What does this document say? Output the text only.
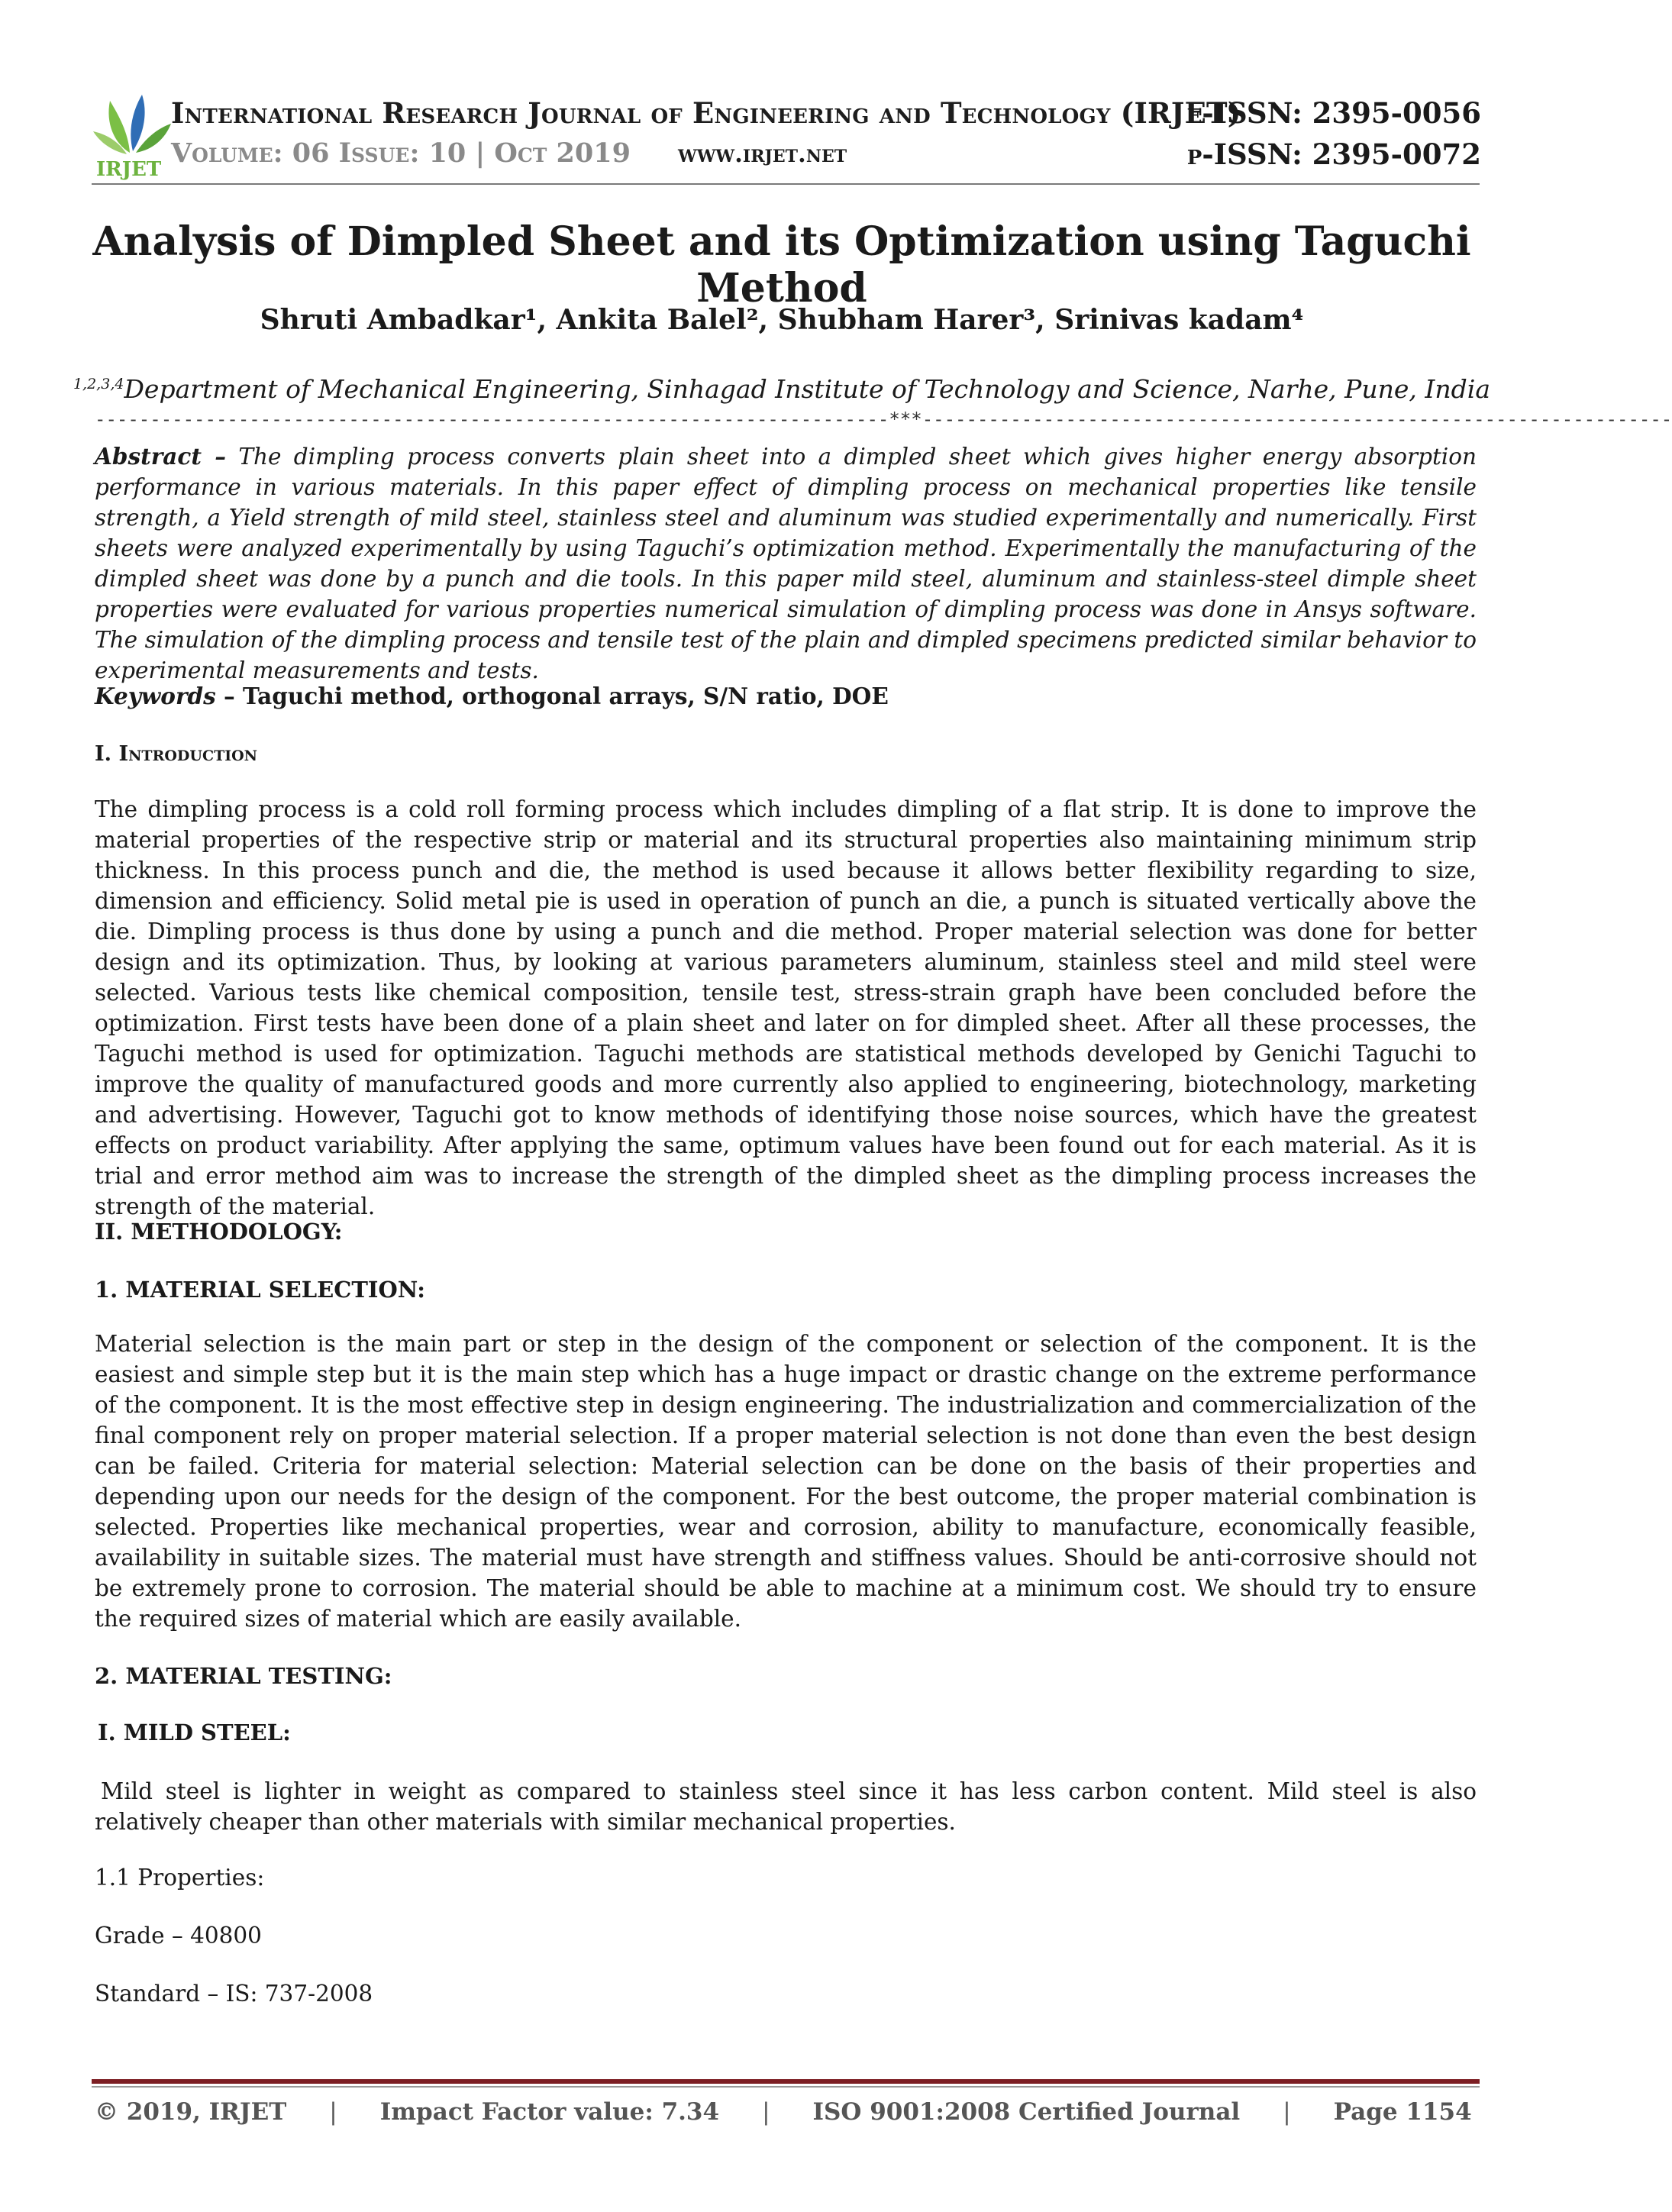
IRJET
International Research Journal of Engineering and Technology (IRJET)
Volume: 06 Issue: 10 | Oct 2019 www.irjet.net
e-ISSN: 2395-0056
p-ISSN: 2395-0072
Analysis of Dimpled Sheet and its Optimization using Taguchi Method
Shruti Ambadkar¹, Ankita Balel², Shubham Harer³, Srinivas kadam⁴
$^{1,2,3,4}$Department of Mechanical Engineering, Sinhagad Institute of Technology and Science, Narhe, Pune, India
------------------------------------------------------------------------***--------------------------------------------------------------------

Abstract – The dimpling process converts plain sheet into a dimpled sheet which gives higher energy absorption performance in various materials. In this paper effect of dimpling process on mechanical properties like tensile strength, a Yield strength of mild steel, stainless steel and aluminum was studied experimentally and numerically. First sheets were analyzed experimentally by using Taguchi’s optimization method. Experimentally the manufacturing of the dimpled sheet was done by a punch and die tools. In this paper mild steel, aluminum and stainless-steel dimple sheet properties were evaluated for various properties numerical simulation of dimpling process was done in Ansys software. The simulation of the dimpling process and tensile test of the plain and dimpled specimens predicted similar behavior to experimental measurements and tests.

Keywords – Taguchi method, orthogonal arrays, S/N ratio, DOE
I. Introduction

The dimpling process is a cold roll forming process which includes dimpling of a flat strip. It is done to improve the material properties of the respective strip or material and its structural properties also maintaining minimum strip thickness. In this process punch and die, the method is used because it allows better flexibility regarding to size, dimension and efficiency. Solid metal pie is used in operation of punch an die, a punch is situated vertically above the die. Dimpling process is thus done by using a punch and die method. Proper material selection was done for better design and its optimization. Thus, by looking at various parameters aluminum, stainless steel and mild steel were selected. Various tests like chemical composition, tensile test, stress-strain graph have been concluded before the optimization. First tests have been done of a plain sheet and later on for dimpled sheet. After all these processes, the Taguchi method is used for optimization. Taguchi methods are statistical methods developed by Genichi Taguchi to improve the quality of manufactured goods and more currently also applied to engineering, biotechnology, marketing and advertising. However, Taguchi got to know methods of identifying those noise sources, which have the greatest effects on product variability. After applying the same, optimum values have been found out for each material. As it is trial and error method aim was to increase the strength of the dimpled sheet as the dimpling process increases the strength of the material.

II. METHODOLOGY:
1. MATERIAL SELECTION:

Material selection is the main part or step in the design of the component or selection of the component. It is the easiest and simple step but it is the main step which has a huge impact or drastic change on the extreme performance of the component. It is the most effective step in design engineering. The industrialization and commercialization of the final component rely on proper material selection. If a proper material selection is not done than even the best design can be failed. Criteria for material selection: Material selection can be done on the basis of their properties and depending upon our needs for the design of the component. For the best outcome, the proper material combination is selected. Properties like mechanical properties, wear and corrosion, ability to manufacture, economically feasible, availability in suitable sizes. The material must have strength and stiffness values. Should be anti-corrosive should not be extremely prone to corrosion. The material should be able to machine at a minimum cost. We should try to ensure the required sizes of material which are easily available.

2. MATERIAL TESTING:
I. MILD STEEL:

Mild steel is lighter in weight as compared to stainless steel since it has less carbon content. Mild steel is also relatively cheaper than other materials with similar mechanical properties.

1.1 Properties:
Grade – 40800
Standard – IS: 737-2008
© 2019, IRJET | Impact Factor value: 7.34 | ISO 9001:2008 Certified Journal | Page 1154
